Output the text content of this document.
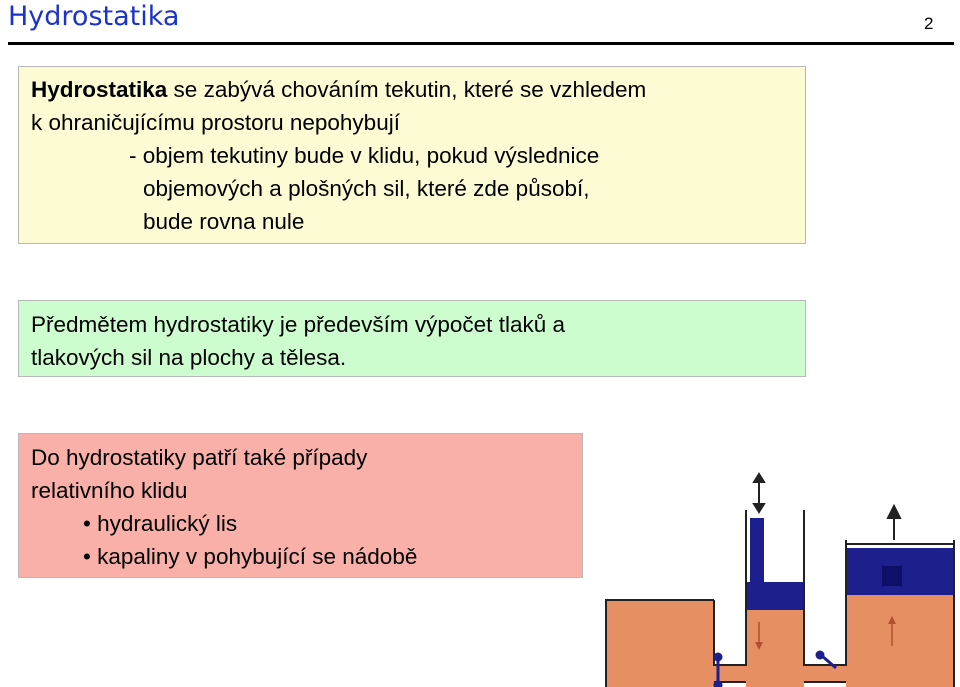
Hydrostatika	2
Hydrostatika se zabývá chováním tekutin, které se vzhledem
k ohraničujícímu prostoru nepohybují
- objem tekutiny bude v klidu, pokud výslednice
objemových a plošných sil, které zde působí,
bude rovna nule
Předmětem hydrostatiky je především výpočet tlaků a
tlakových sil na plochy a tělesa.
Do hydrostatiky patří také případy
relativního klidu
• hydraulický lis
• kapaliny v pohybující se nádobě
